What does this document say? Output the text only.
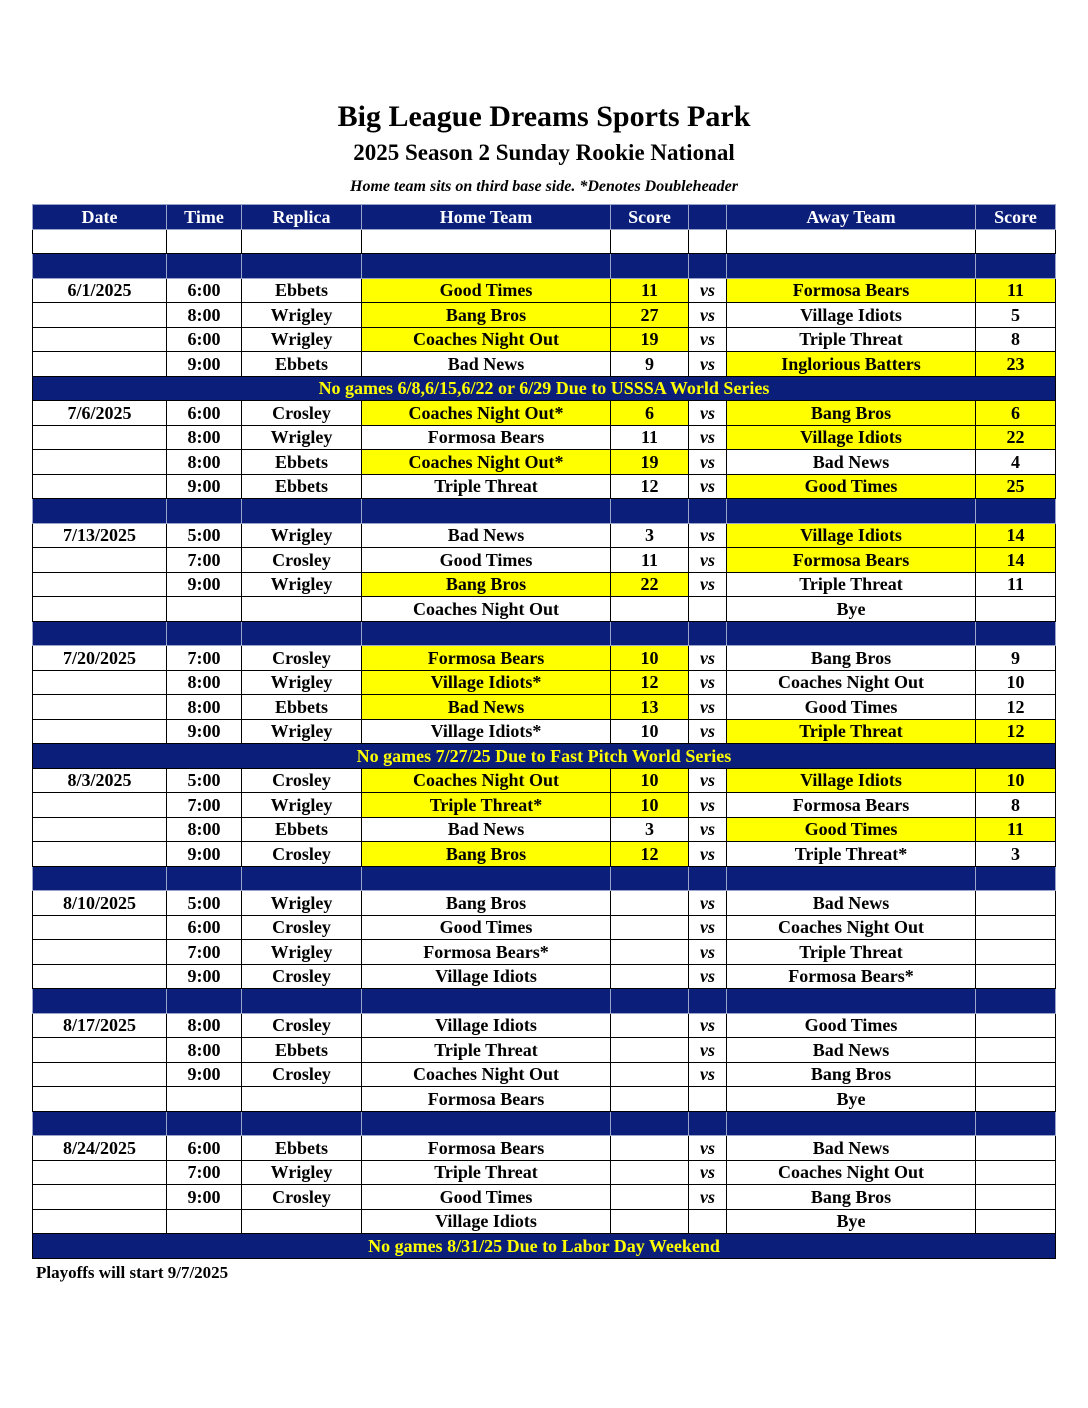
Big League Dreams Sports Park
2025 Season 2 Sunday Rookie National
Home team sits on third base side. *Denotes Doubleheader
Date	Time	Replica	Home Team	Score		Away Team	Score

6/1/2025	6:00	Ebbets	Good Times	11	vs	Formosa Bears	11
	8:00	Wrigley	Bang Bros	27	vs	Village Idiots	5
	6:00	Wrigley	Coaches Night Out	19	vs	Triple Threat	8
	9:00	Ebbets	Bad News	9	vs	Inglorious Batters	23
No games 6/8,6/15,6/22 or 6/29 Due to USSSA World Series							
7/6/2025	6:00	Crosley	Coaches Night Out*	6	vs	Bang Bros	6
	8:00	Wrigley	Formosa Bears	11	vs	Village Idiots	22
	8:00	Ebbets	Coaches Night Out*	19	vs	Bad News	4
	9:00	Ebbets	Triple Threat	12	vs	Good Times	25

7/13/2025	5:00	Wrigley	Bad News	3	vs	Village Idiots	14
	7:00	Crosley	Good Times	11	vs	Formosa Bears	14
	9:00	Wrigley	Bang Bros	22	vs	Triple Threat	11
			Coaches Night Out			Bye	

7/20/2025	7:00	Crosley	Formosa Bears	10	vs	Bang Bros	9
	8:00	Wrigley	Village Idiots*	12	vs	Coaches Night Out	10
	8:00	Ebbets	Bad News	13	vs	Good Times	12
	9:00	Wrigley	Village Idiots*	10	vs	Triple Threat	12
No games 7/27/25 Due to Fast Pitch World Series							
8/3/2025	5:00	Crosley	Coaches Night Out	10	vs	Village Idiots	10
	7:00	Wrigley	Triple Threat*	10	vs	Formosa Bears	8
	8:00	Ebbets	Bad News	3	vs	Good Times	11
	9:00	Crosley	Bang Bros	12	vs	Triple Threat*	3

8/10/2025	5:00	Wrigley	Bang Bros		vs	Bad News	
	6:00	Crosley	Good Times		vs	Coaches Night Out	
	7:00	Wrigley	Formosa Bears*		vs	Triple Threat	
	9:00	Crosley	Village Idiots		vs	Formosa Bears*	

8/17/2025	8:00	Crosley	Village Idiots		vs	Good Times	
	8:00	Ebbets	Triple Threat		vs	Bad News	
	9:00	Crosley	Coaches Night Out		vs	Bang Bros	
			Formosa Bears			Bye	

8/24/2025	6:00	Ebbets	Formosa Bears		vs	Bad News	
	7:00	Wrigley	Triple Threat		vs	Coaches Night Out	
	9:00	Crosley	Good Times		vs	Bang Bros	
			Village Idiots			Bye	
No games 8/31/25 Due to Labor Day Weekend							
Playoffs will start 9/7/2025
